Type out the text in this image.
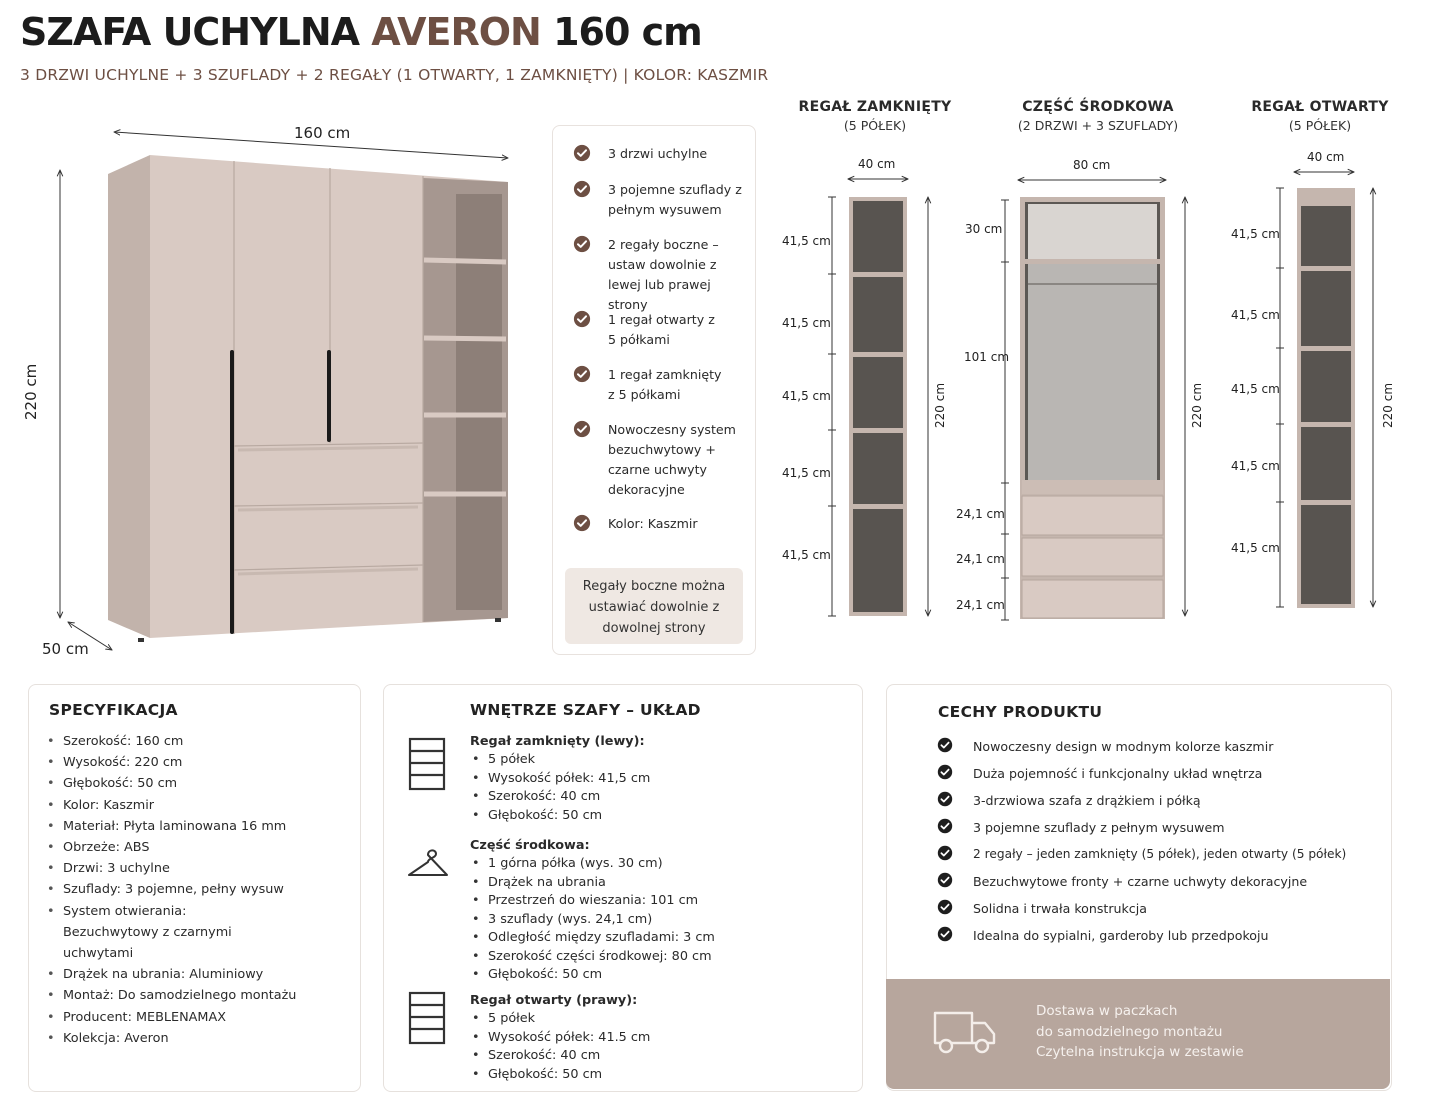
SZAFA UCHYLNA AVERON 160 cm
3 DRZWI UCHYLNE + 3 SZUFLADY + 2 REGAŁY (1 OTWARTY, 1 ZAMKNIĘTY) | KOLOR: KASZMIR
160 cm
220 cm
50 cm
3 drzwi uchylne
3 pojemne szuflady z pełnym wysuwem
2 regały boczne – ustaw dowolnie z lewej lub prawej strony
1 regał otwarty z 5 półkami
1 regał zamknięty z 5 półkami
Nowoczesny system bezuchwytowy + czarne uchwyty dekoracyjne
Kolor: Kaszmir
Regały boczne można ustawiać dowolnie z dowolnej strony
REGAŁ ZAMKNIĘTY
(5 PÓŁEK)
CZĘŚĆ ŚRODKOWA
(2 DRZWI + 3 SZUFLADY)
REGAŁ OTWARTY
(5 PÓŁEK)
40 cm
41,5 cm
41,5 cm
41,5 cm
41,5 cm
41,5 cm
220 cm
80 cm
30 cm
101 cm
24,1 cm
24,1 cm
24,1 cm
220 cm
40 cm
41,5 cm
41,5 cm
41,5 cm
41,5 cm
41,5 cm
220 cm
SPECYFIKACJA
• Szerokość: 160 cm
• Wysokość: 220 cm
• Głębokość: 50 cm
• Kolor: Kaszmir
• Materiał: Płyta laminowana 16 mm
• Obrzeże: ABS
• Drzwi: 3 uchylne
• Szuflady: 3 pojemne, pełny wysuw
• System otwierania: Bezuchwytowy z czarnymi uchwytami
• Drążek na ubrania: Aluminiowy
• Montaż: Do samodzielnego montażu
• Producent: MEBLENAMAX
• Kolekcja: Averon
WNĘTRZE SZAFY – UKŁAD
Regał zamknięty (lewy):
• 5 półek
• Wysokość półek: 41,5 cm
• Szerokość: 40 cm
• Głębokość: 50 cm
Część środkowa:
• 1 górna półka (wys. 30 cm)
• Drążek na ubrania
• Przestrzeń do wieszania: 101 cm
• 3 szuflady (wys. 24,1 cm)
• Odległość między szufladami: 3 cm
• Szerokość części środkowej: 80 cm
• Głębokość: 50 cm
Regał otwarty (prawy):
• 5 półek
• Wysokość półek: 41.5 cm
• Szerokość: 40 cm
• Głębokość: 50 cm
CECHY PRODUKTU
Nowoczesny design w modnym kolorze kaszmir
Duża pojemność i funkcjonalny układ wnętrza
3-drzwiowa szafa z drążkiem i półką
3 pojemne szuflady z pełnym wysuwem
2 regały – jeden zamknięty (5 półek), jeden otwarty (5 półek)
Bezuchwytowe fronty + czarne uchwyty dekoracyjne
Solidna i trwała konstrukcja
Idealna do sypialni, garderoby lub przedpokoju
Dostawa w paczkach
do samodzielnego montażu
Czytelna instrukcja w zestawie
